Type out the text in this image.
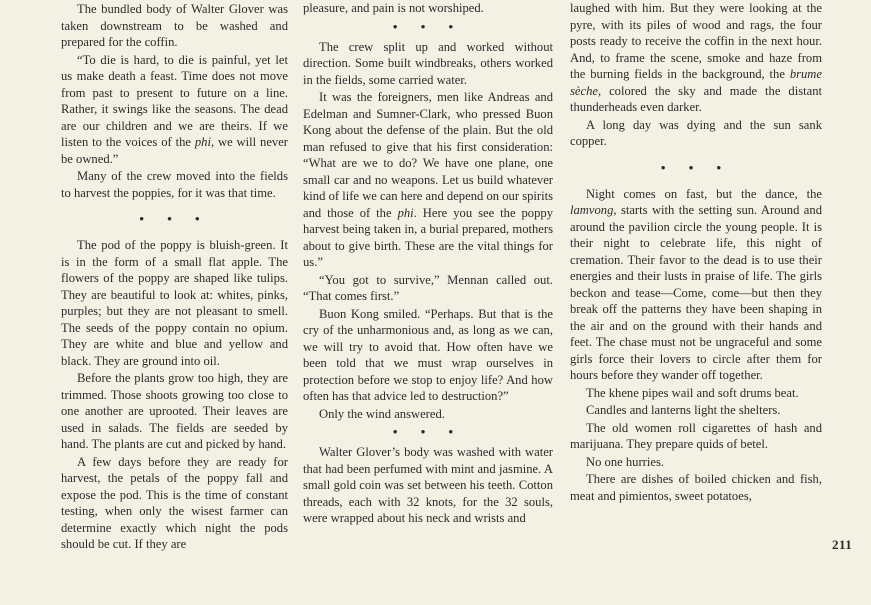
The bundled body of Walter Glover was taken downstream to be washed and prepared for the coffin.

“To die is hard, to die is painful, yet let us make death a feast. Time does not move from past to present to future on a line. Rather, it swings like the seasons. The dead are our children and we are theirs. If we listen to the voices of the phi, we will never be owned.”

Many of the crew moved into the fields to harvest the poppies, for it was that time.

• • •

The pod of the poppy is bluish-green. It is in the form of a small flat apple. The flowers of the poppy are shaped like tulips. They are beautiful to look at: whites, pinks, purples; but they are not pleasant to smell. The seeds of the poppy contain no opium. They are white and blue and yellow and black. They are ground into oil.

Before the plants grow too high, they are trimmed. Those shoots growing too close to one another are uprooted. Their leaves are used in salads. The fields are seeded by hand. The plants are cut and picked by hand.

A few days before they are ready for harvest, the petals of the poppy fall and expose the pod. This is the time of constant testing, when only the wisest farmer can determine exactly which night the pods should be cut. If they are

pleasure, and pain is not worshiped.

• • •

The crew split up and worked without direction. Some built windbreaks, others worked in the fields, some carried water.

It was the foreigners, men like Andreas and Edelman and Sumner-Clark, who pressed Buon Kong about the defense of the plain. But the old man refused to give that his first consideration: “What are we to do? We have one plane, one small car and no weapons. Let us build whatever kind of life we can here and depend on our spirits and those of the phi. Here you see the poppy harvest being taken in, a burial prepared, mothers about to give birth. These are the vital things for us.”

“You got to survive,” Mennan called out. “That comes first.”

Buon Kong smiled. “Perhaps. But that is the cry of the unharmonious and, as long as we can, we will try to avoid that. How often have we been told that we must wrap ourselves in protection before we stop to enjoy life? And how often has that advice led to destruction?”

Only the wind answered.

• • •

Walter Glover’s body was washed with water that had been perfumed with mint and jasmine. A small gold coin was set between his teeth. Cotton threads, each with 32 knots, for the 32 souls, were wrapped about his neck and wrists and

laughed with him. But they were looking at the pyre, with its piles of wood and rags, the four posts ready to receive the coffin in the next hour. And, to frame the scene, smoke and haze from the burning fields in the background, the brume sèche, colored the sky and made the distant thunderheads even darker.

A long day was dying and the sun sank copper.

• • •

Night comes on fast, but the dance, the lamvong, starts with the setting sun. Around and around the pavilion circle the young people. It is their night to celebrate life, this night of cremation. Their favor to the dead is to use their energies and their lusts in praise of life. The girls beckon and tease—Come, come—but then they break off the patterns they have been shaping in the air and on the ground with their hands and feet. The chase must not be ungraceful and some girls force their lovers to circle after them for hours before they wander off together.

The khene pipes wail and soft drums beat.

Candles and lanterns light the shelters.

The old women roll cigarettes of hash and marijuana. They prepare quids of betel.

No one hurries.

There are dishes of boiled chicken and fish, meat and pimientos, sweet potatoes,

211
